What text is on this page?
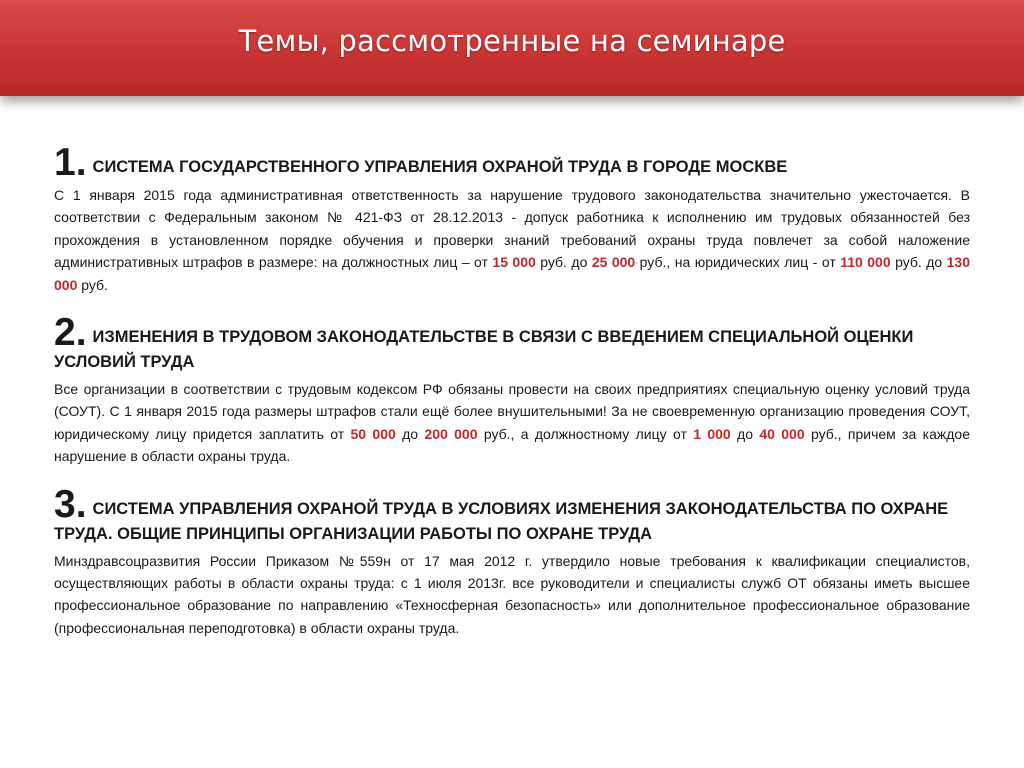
Темы, рассмотренные на семинаре

1. СИСТЕМА ГОСУДАРСТВЕННОГО УПРАВЛЕНИЯ ОХРАНОЙ ТРУДА В ГОРОДЕ МОСКВЕ

С 1 января 2015 года административная ответственность за нарушение трудового законодательства значительно ужесточается. В соответствии с Федеральным законом № 421-ФЗ от 28.12.2013 - допуск работника к исполнению им трудовых обязанностей без прохождения в установленном порядке обучения и проверки знаний требований охраны труда повлечет за собой наложение административных штрафов в размере: на должностных лиц – от 15 000 руб. до 25 000 руб., на юридических лиц - от 110 000 руб. до 130 000 руб.

2. ИЗМЕНЕНИЯ В ТРУДОВОМ ЗАКОНОДАТЕЛЬСТВЕ В СВЯЗИ С ВВЕДЕНИЕМ СПЕЦИАЛЬНОЙ ОЦЕНКИ УСЛОВИЙ ТРУДА

Все организации в соответствии с трудовым кодексом РФ обязаны провести на своих предприятиях специальную оценку условий труда (СОУТ). С 1 января 2015 года размеры штрафов стали ещё более внушительными! За не своевременную организацию проведения СОУТ, юридическому лицу придется заплатить от 50 000 до 200 000 руб., а должностному лицу от 1 000 до 40 000 руб., причем за каждое нарушение в области охраны труда.

3. СИСТЕМА УПРАВЛЕНИЯ ОХРАНОЙ ТРУДА В УСЛОВИЯХ ИЗМЕНЕНИЯ ЗАКОНОДАТЕЛЬСТВА ПО ОХРАНЕ ТРУДА. ОБЩИЕ ПРИНЦИПЫ ОРГАНИЗАЦИИ РАБОТЫ ПО ОХРАНЕ ТРУДА

Минздравсоцразвития России Приказом №559н от 17 мая 2012 г. утвердило новые требования к квалификации специалистов, осуществляющих работы в области охраны труда: с 1 июля 2013г. все руководители и специалисты служб ОТ обязаны иметь высшее профессиональное образование по направлению «Техносферная безопасность» или дополнительное профессиональное образование (профессиональная переподготовка) в области охраны труда.
